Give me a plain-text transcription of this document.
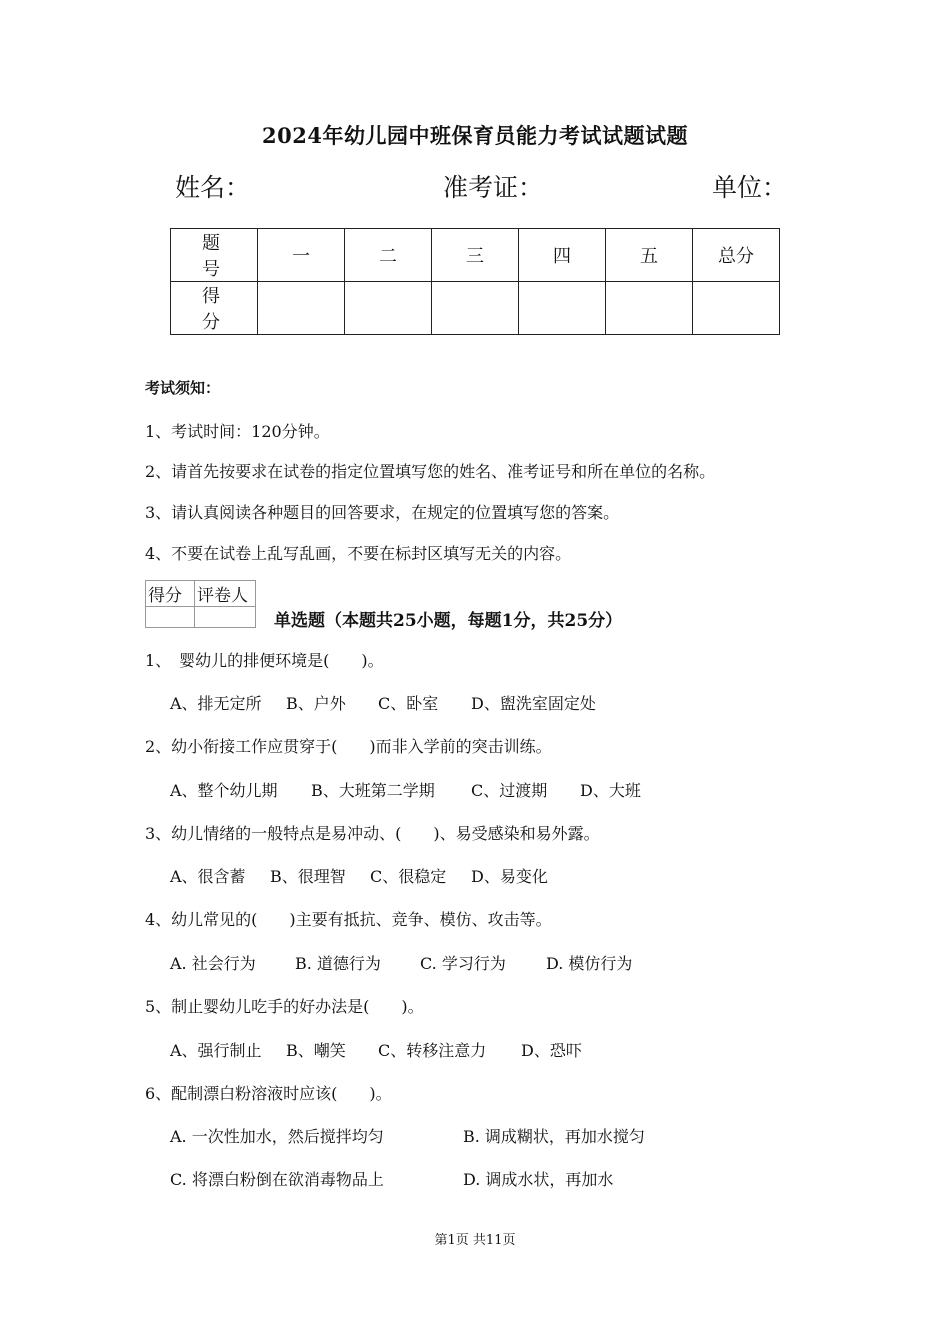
2024年幼儿园中班保育员能力考试试题试题
姓名：	准考证：	单位：
题　号	一	二	三	四	五	总分
得　分						
考试须知：
1、考试时间：120分钟。
2、请首先按要求在试卷的指定位置填写您的姓名、准考证号和所在单位的名称。
3、请认真阅读各种题目的回答要求，在规定的位置填写您的答案。
4、不要在试卷上乱写乱画，不要在标封区填写无关的内容。
得分	评卷人

单选题（本题共25小题，每题1分，共25分）
1、　婴幼儿的排便环境是(　　)。
A、排无定所 B、户外 C、卧室 D、盥洗室固定处
2、幼小衔接工作应贯穿于(　　)而非入学前的突击训练。
A、整个幼儿期 B、大班第二学期 C、过渡期 D、大班
3、幼儿情绪的一般特点是易冲动、(　　)、易受感染和易外露。
A、很含蓄 B、很理智 C、很稳定 D、易变化
4、幼儿常见的(　　)主要有抵抗、竞争、模仿、攻击等。
A. 社会行为 B. 道德行为 C. 学习行为	D. 模仿行为
5、制止婴幼儿吃手的好办法是(　　)。
A、强行制止 B、嘲笑 C、转移注意力 D、恐吓
6、配制漂白粉溶液时应该(　　)。
A. 一次性加水，然后搅拌均匀	B. 调成糊状，再加水搅匀
C. 将漂白粉倒在欲消毒物品上	D. 调成水状，再加水
第1页 共11页
